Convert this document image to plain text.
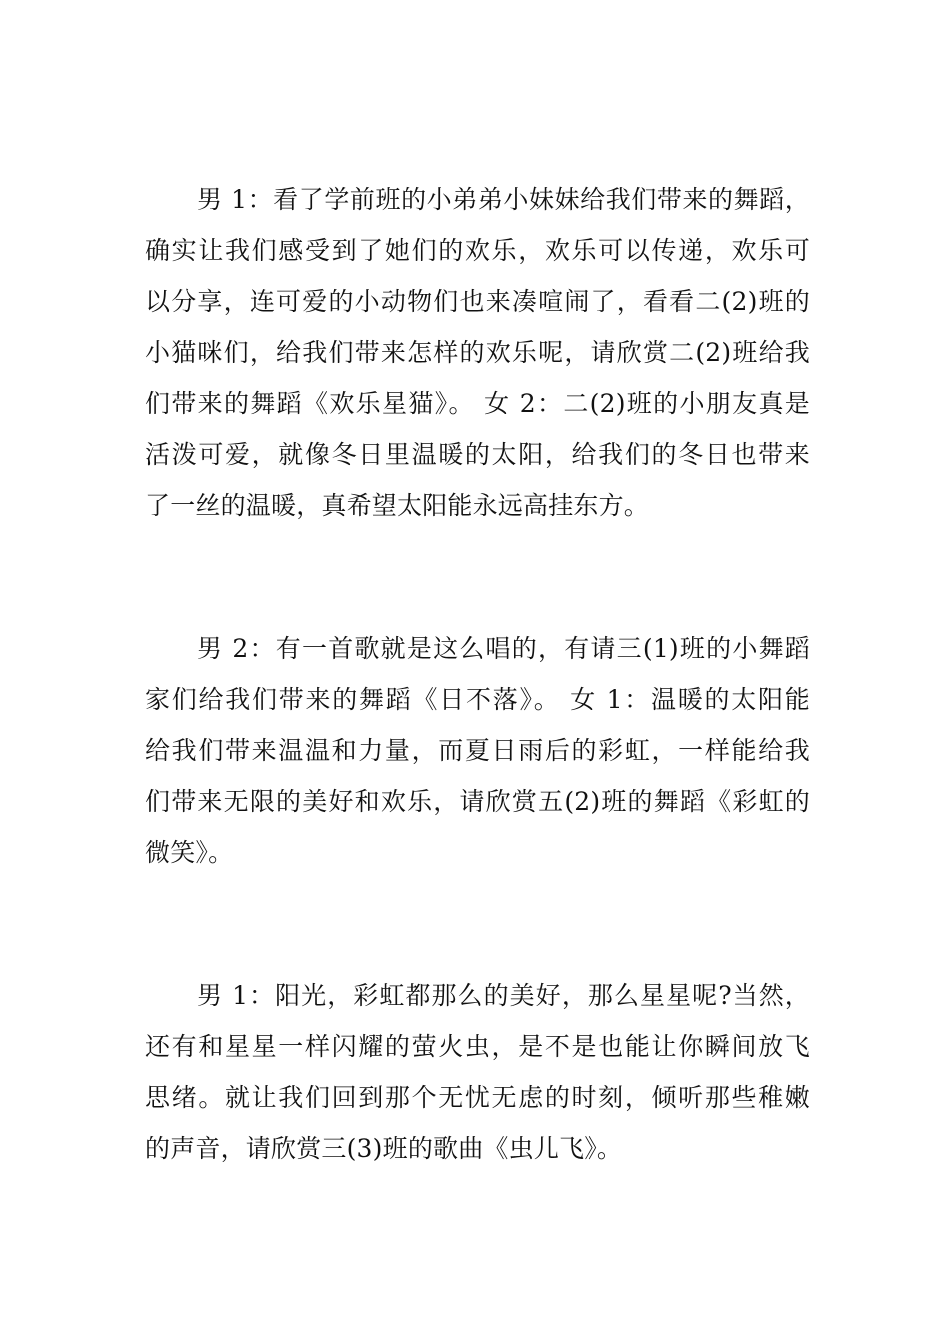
男 1：看了学前班的小弟弟小妹妹给我们带来的舞蹈，
确实让我们感受到了她们的欢乐，欢乐可以传递，欢乐可
以分享，连可爱的小动物们也来凑喧闹了，看看二(2)班的
小猫咪们，给我们带来怎样的欢乐呢，请欣赏二(2)班给我
们带来的舞蹈《欢乐星猫》。 女 2：二(2)班的小朋友真是
活泼可爱，就像冬日里温暖的太阳，给我们的冬日也带来
了一丝的温暖，真希望太阳能永远高挂东方。
男 2：有一首歌就是这么唱的，有请三(1)班的小舞蹈
家们给我们带来的舞蹈《日不落》。 女 1：温暖的太阳能
给我们带来温温和力量，而夏日雨后的彩虹，一样能给我
们带来无限的美好和欢乐，请欣赏五(2)班的舞蹈《彩虹的
微笑》。
男 1：阳光，彩虹都那么的美好，那么星星呢?当然，
还有和星星一样闪耀的萤火虫，是不是也能让你瞬间放飞
思绪。就让我们回到那个无忧无虑的时刻，倾听那些稚嫩
的声音，请欣赏三(3)班的歌曲《虫儿飞》。
